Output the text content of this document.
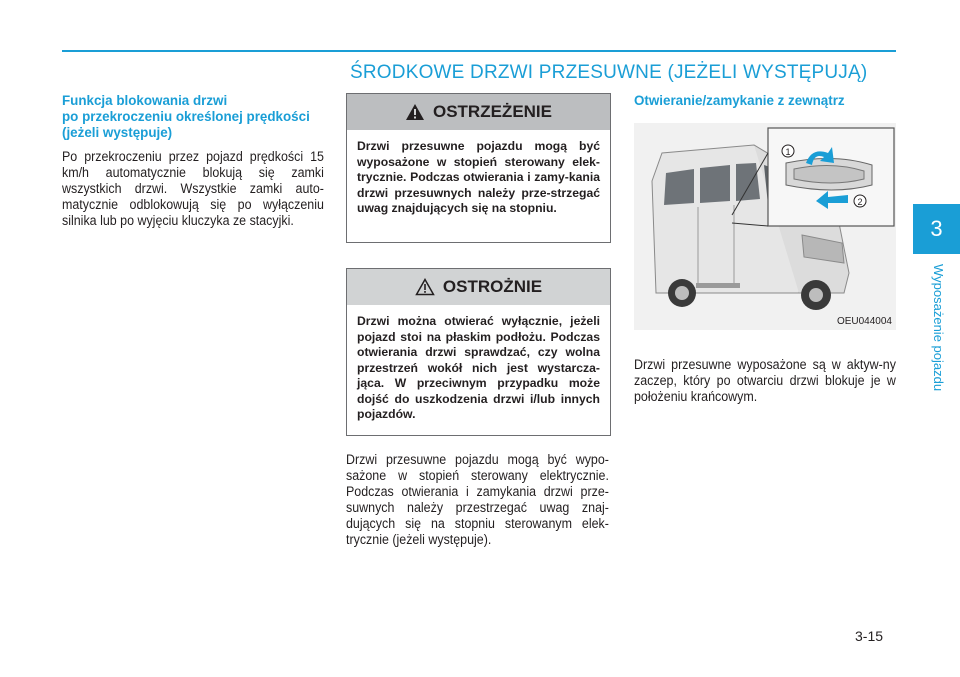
ŚRODKOWE DRZWI PRZESUWNE (JEŻELI WYSTĘPUJĄ)

Funkcja blokowania drzwi
po przekroczeniu określonej prędkości
(jeżeli występuje)

Po przekroczeniu przez pojazd prędkości 15 km/h automatycznie blokują się zamki wszystkich drzwi. Wszystkie zamki auto-matycznie odblokowują się po wyłączeniu silnika lub po wyjęciu kluczyka ze stacyjki.

OSTRZEŻENIE

Drzwi przesuwne pojazdu mogą być wyposażone w stopień sterowany elek-trycznie. Podczas otwierania i zamy-kania drzwi przesuwnych należy prze-strzegać uwag znajdujących się na stopniu.

OSTROŻNIE

Drzwi można otwierać wyłącznie, jeżeli pojazd stoi na płaskim podłożu. Podczas otwierania drzwi sprawdzać, czy wolna przestrzeń wokół nich jest wystarcza-jąca. W przeciwnym przypadku może dojść do uszkodzenia drzwi i/lub innych pojazdów.

Drzwi przesuwne pojazdu mogą być wypo-sażone w stopień sterowany elektrycznie. Podczas otwierania i zamykania drzwi prze-suwnych należy przestrzegać uwag znaj-dujących się na stopniu sterowanym elek-trycznie (jeżeli występuje).

Otwieranie/zamykanie z zewnątrz

1
2
OEU044004

Drzwi przesuwne wyposażone są w aktyw-ny zaczep, który po otwarciu drzwi blokuje je w położeniu krańcowym.

3
Wyposażenie pojazdu
3-15
